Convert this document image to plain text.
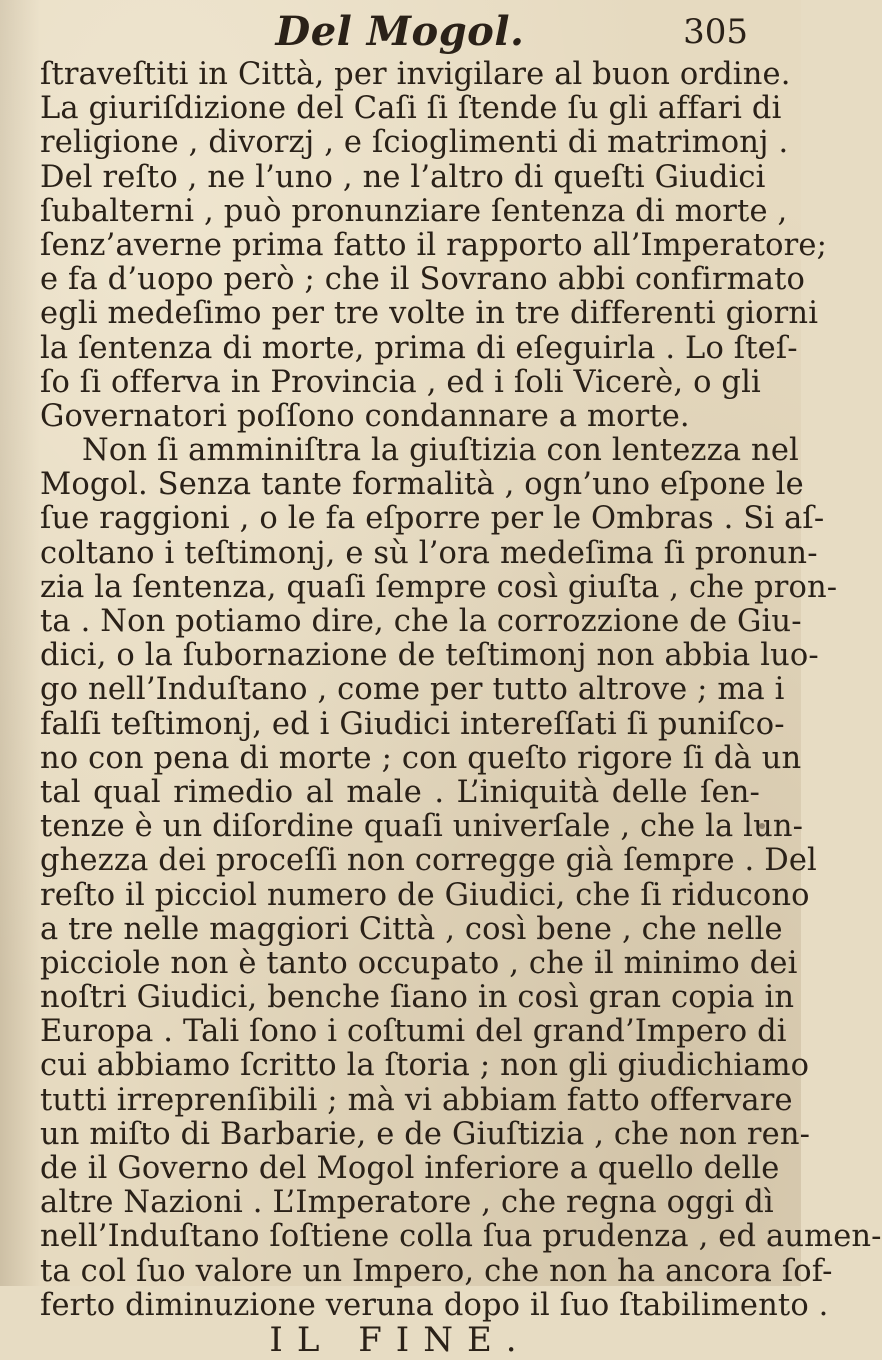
Del Mogol.	305
ſtraveſtiti in Città, per invigilare al buon ordine.
La giuriſdizione del Caſi ſi ſtende ſu gli affari di
religione , divorzj , e ſcioglimenti di matrimonj .
Del reſto , ne l’uno , ne l’altro di queſti Giudici
ſubalterni , può pronunziare ſentenza di morte ,
ſenz’averne prima fatto il rapporto all’Imperatore;
e fa d’uopo però ; che il Sovrano abbi confirmato
egli medeſimo per tre volte in tre differenti giorni
la ſentenza di morte, prima di eſeguirla . Lo ſteſ-
ſo ſi offerva in Provincia , ed i ſoli Vicerè, o gli
Governatori poſſono condannare a morte.
Non ſi amminiſtra la giuſtizia con lentezza nel
Mogol. Senza tante formalità , ogn’uno eſpone le
ſue raggioni , o le fa eſporre per le Ombras . Si aſ-
coltano i teſtimonj, e sù l’ora medeſima ſi pronun-
zia la ſentenza, quaſi ſempre così giuſta , che pron-
ta . Non potiamo dire, che la corrozzione de Giu-
dici, o la ſubornazione de teſtimonj non abbia luo-
go nell’Induſtano , come per tutto altrove ; ma i
falſi teſtimonj, ed i Giudici intereſſati ſi puniſco-
no con pena di morte ; con queſto rigore ſi dà un
tal qual rimedio al male . L’iniquità delle ſen-
tenze è un diſordine quaſi univerſale , che la lun-
ghezza dei proceſſi non corregge già ſempre . Del
reſto il picciol numero de Giudici, che ſi riducono
a tre nelle maggiori Città , così bene , che nelle
picciole non è tanto occupato , che il minimo dei
noſtri Giudici, benche ſiano in così gran copia in
Europa . Tali ſono i coſtumi del grand’Impero di
cui abbiamo ſcritto la ſtoria ; non gli giudichiamo
tutti irreprenſibili ; mà vi abbiam fatto offervare
un miſto di Barbarie, e de Giuſtizia , che non ren-
de il Governo del Mogol inferiore a quello delle
altre Nazioni . L’Imperatore , che regna oggi dì
nell’Induſtano ſoſtiene colla ſua prudenza , ed aumen-
ta col ſuo valore un Impero, che non ha ancora ſof-
ferto diminuzione veruna dopo il ſuo ſtabilimento .
IL FINE.
